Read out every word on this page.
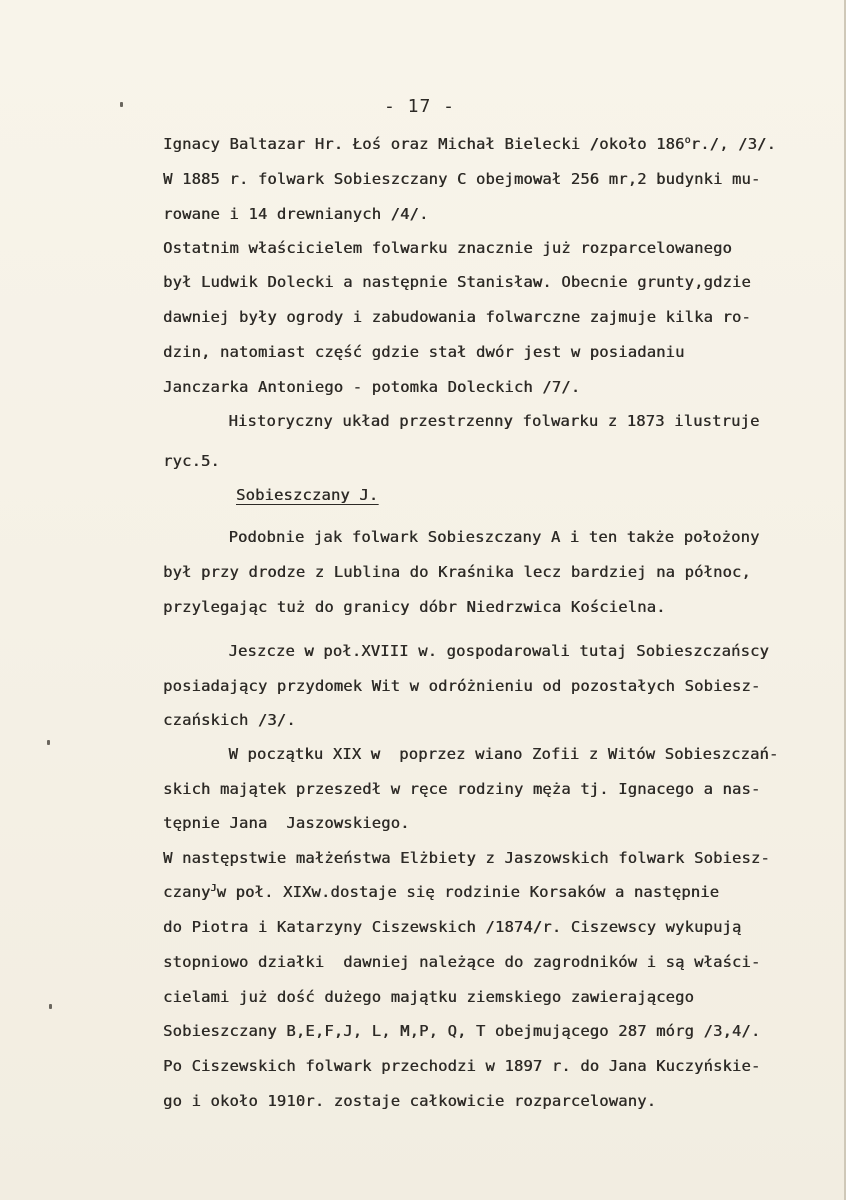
- 17 -
Ignacy Baltazar Hr. Łoś oraz Michał Bielecki /około 186$^o$r./, /3/.
W 1885 r. folwark Sobieszczany C obejmował 256 mr,2 budynki mu-
rowane i 14 drewnianych /4/.
Ostatnim właścicielem folwarku znacznie już rozparcelowanego
był Ludwik Dolecki a następnie Stanisław. Obecnie grunty,gdzie
dawniej były ogrody i zabudowania folwarczne zajmuje kilka ro-
dzin, natomiast część gdzie stał dwór jest w posiadaniu
Janczarka Antoniego - potomka Doleckich /7/.
Historyczny układ przestrzenny folwarku z 1873 ilustruje
ryc.5.
Sobieszczany J.
Podobnie jak folwark Sobieszczany A i ten także położony
był przy drodze z Lublina do Kraśnika lecz bardziej na północ,
przylegając tuż do granicy dóbr Niedrzwica Kościelna.
Jeszcze w poł.XVIII w. gospodarowali tutaj Sobieszczańscy
posiadający przydomek Wit w odróżnieniu od pozostałych Sobiesz-
czańskich /3/.
W początku XIX w  poprzez wiano Zofii z Witów Sobieszczań-
skich majątek przeszedł w ręce rodziny męża tj. Ignacego a nas-
tępnie Jana  Jaszowskiego.
W następstwie małżeństwa Elżbiety z Jaszowskich folwark Sobiesz-
czany$^J$w poł. XIXw.dostaje się rodzinie Korsaków a następnie
do Piotra i Katarzyny Ciszewskich /1874/r. Ciszewscy wykupują
stopniowo działki  dawniej należące do zagrodników i są właści-
cielami już dość dużego majątku ziemskiego zawierającego
Sobieszczany B,E,F,J, L, M,P, Q, T obejmującego 287 mórg /3,4/.
Po Ciszewskich folwark przechodzi w 1897 r. do Jana Kuczyńskie-
go i około 1910r. zostaje całkowicie rozparcelowany.
